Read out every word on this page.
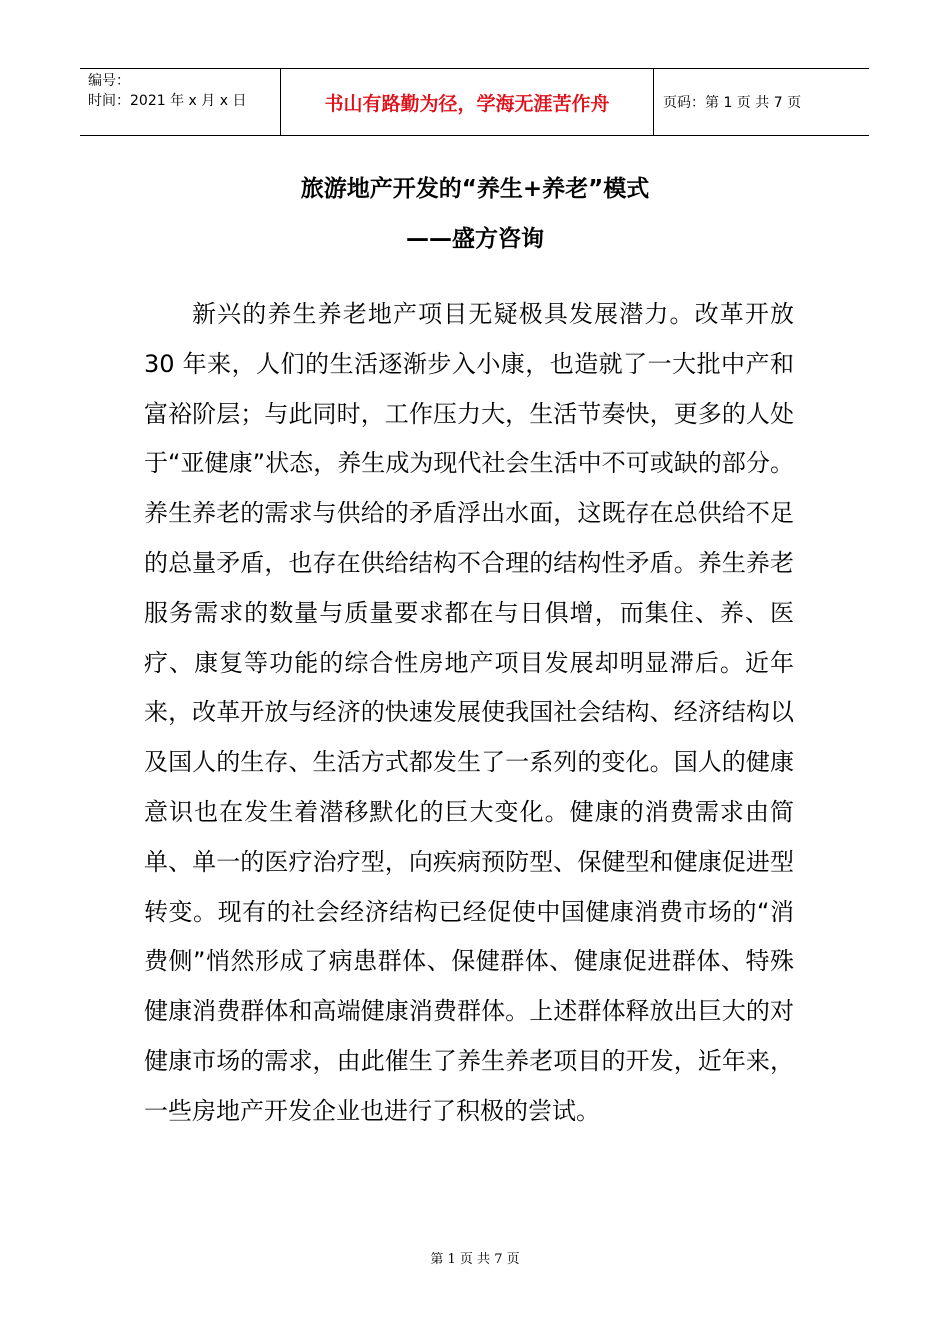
编号：
时间：2021 年 x 月 x 日	书山有路勤为径，学海无涯苦作舟	页码：第 1 页 共 7 页
旅游地产开发的“养生+养老”模式
——盛方咨询

新兴的养生养老地产项目无疑极具发展潜力。改革开放 30 年来，人们的生活逐渐步入小康，也造就了一大批中产和富裕阶层；与此同时，工作压力大，生活节奏快，更多的人处于“亚健康”状态，养生成为现代社会生活中不可或缺的部分。养生养老的需求与供给的矛盾浮出水面，这既存在总供给不足的总量矛盾，也存在供给结构不合理的结构性矛盾。养生养老服务需求的数量与质量要求都在与日俱增，而集住、养、医疗、康复等功能的综合性房地产项目发展却明显滞后。近年来，改革开放与经济的快速发展使我国社会结构、经济结构以及国人的生存、生活方式都发生了一系列的变化。国人的健康意识也在发生着潜移默化的巨大变化。健康的消费需求由简单、单一的医疗治疗型，向疾病预防型、保健型和健康促进型转变。现有的社会经济结构已经促使中国健康消费市场的“消费侧”悄然形成了病患群体、保健群体、健康促进群体、特殊健康消费群体和高端健康消费群体。上述群体释放出巨大的对健康市场的需求，由此催生了养生养老项目的开发，近年来，一些房地产开发企业也进行了积极的尝试。

第 1 页 共 7 页
